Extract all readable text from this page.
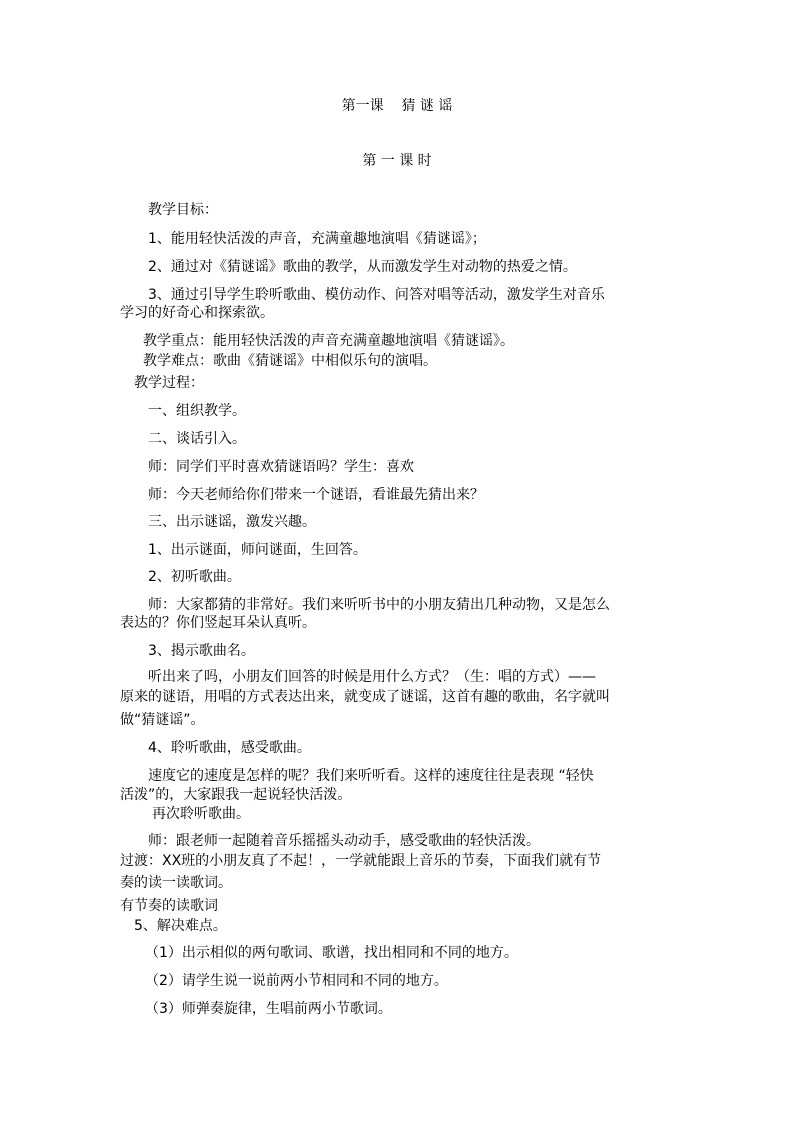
第一课    猜 谜 谣
第 一 课 时
教学目标：
1、能用轻快活泼的声音，充满童趣地演唱《猜谜谣》；
2、通过对《猜谜谣》歌曲的教学，从而激发学生对动物的热爱之情。
3、通过引导学生聆听歌曲、模仿动作、问答对唱等活动，激发学生对音乐
学习的好奇心和探索欲。
教学重点：能用轻快活泼的声音充满童趣地演唱《猜谜谣》。
教学难点：歌曲《猜谜谣》中相似乐句的演唱。
教学过程：
一、组织教学。
二、谈话引入。
师：同学们平时喜欢猜谜语吗？学生：喜欢
师：今天老师给你们带来一个谜语，看谁最先猜出来？
三、出示谜谣，激发兴趣。
1、出示谜面，师问谜面，生回答。
2、初听歌曲。
师：大家都猜的非常好。我们来听听书中的小朋友猜出几种动物，又是怎么
表达的？你们竖起耳朵认真听。
3、揭示歌曲名。
听出来了吗，小朋友们回答的时候是用什么方式？（生：唱的方式）——
原来的谜语，用唱的方式表达出来，就变成了谜谣，这首有趣的歌曲，名字就叫
做“猜谜谣”。
4、聆听歌曲，感受歌曲。
速度它的速度是怎样的呢？我们来听听看。这样的速度往往是表现 “轻快
活泼”的，大家跟我一起说轻快活泼。
再次聆听歌曲。
师：跟老师一起随着音乐摇摇头动动手，感受歌曲的轻快活泼。
过渡：XX班的小朋友真了不起！，一学就能跟上音乐的节奏，下面我们就有节
奏的读一读歌词。
有节奏的读歌词
5、解决难点。
（1）出示相似的两句歌词、歌谱，找出相同和不同的地方。
（2）请学生说一说前两小节相同和不同的地方。
（3）师弹奏旋律，生唱前两小节歌词。
